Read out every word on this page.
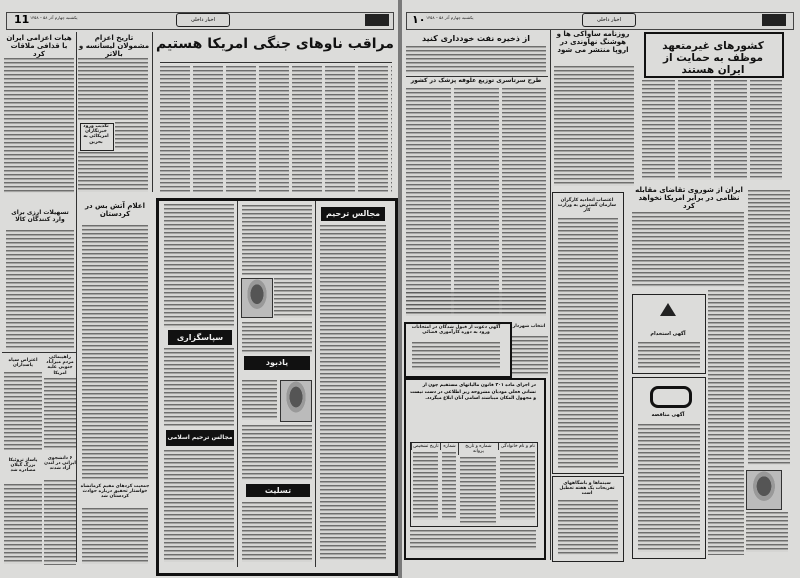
11 یکشنبه چهارم آذر ۵۸ – ۱۳۵۸	اخبار داخلی
مراقب ناوهای جنگی امریکا هستیم
تاریخ اعزام مشمولان لیسانسه و بالاتر
تکذیب ورود خبرنگاران امریکائی به بحرین
هیات اعزامی ایران با قذافی ملاقات کرد
اعلام آتش بس در کردستان
تسهیلات ارزی برای وارد کنندگان کالا
راهپیمائی مردم میرآباد جنوبی علیه امریکا
اعتراض سپاه پاسداران
۶ دانشجوی ایرانی در لندن آزاد شدند
پاساژ تروئیکا بزرگ گیلان مصادره شد
جمعیت کردهای مقیم کرمانشاه خواستار تحقیق درباره حوادث کردستان شد
مجالس ترحیم
سپاسگزاری
مجالس ترحیم اسلامی
یادبود
تسلیت
۱۰ یکشنبه چهارم آذر ۵۸ – ۱۳۵۸	اخبار داخلی
از ذخیره نفت خودداری کنید
طرح سرتاسری توزیع علوفه پزشک در کشور
روزنامه ساواکی ها و هوشنگ نهاوندی در اروپا منتشر می شود	کشورهای غیرمتعهد موظف به حمایت از ایران هستند
ایران از شوروی تقاضای مقابله نظامی در برابر امریکا نخواهد کرد
اعتصاب اتحادیه کارگران سازمان گسترش به وزارت کار
سینماها و باشگاههای تفریحات یک هفته تعطیل است
آگهی استخدام
آگهی مناقصه
آگهی دعوت از قبول شدگان در امتحانات ورود به دوره کارآموزی قضائی
انتخاب شهردار
در اجرای ماده ۳۰۱ قانون مالیاتهای مستقیم چون از نشانی فعلی مودیان مشروحه زیر اطلاعی در دست نیست و مجهول المکان میباشند اسامی آنان ابلاغ میگردد.
نام و نام خانوادگی
شماره و تاریخ پروانه
شماره
تاریخ تشخیص
